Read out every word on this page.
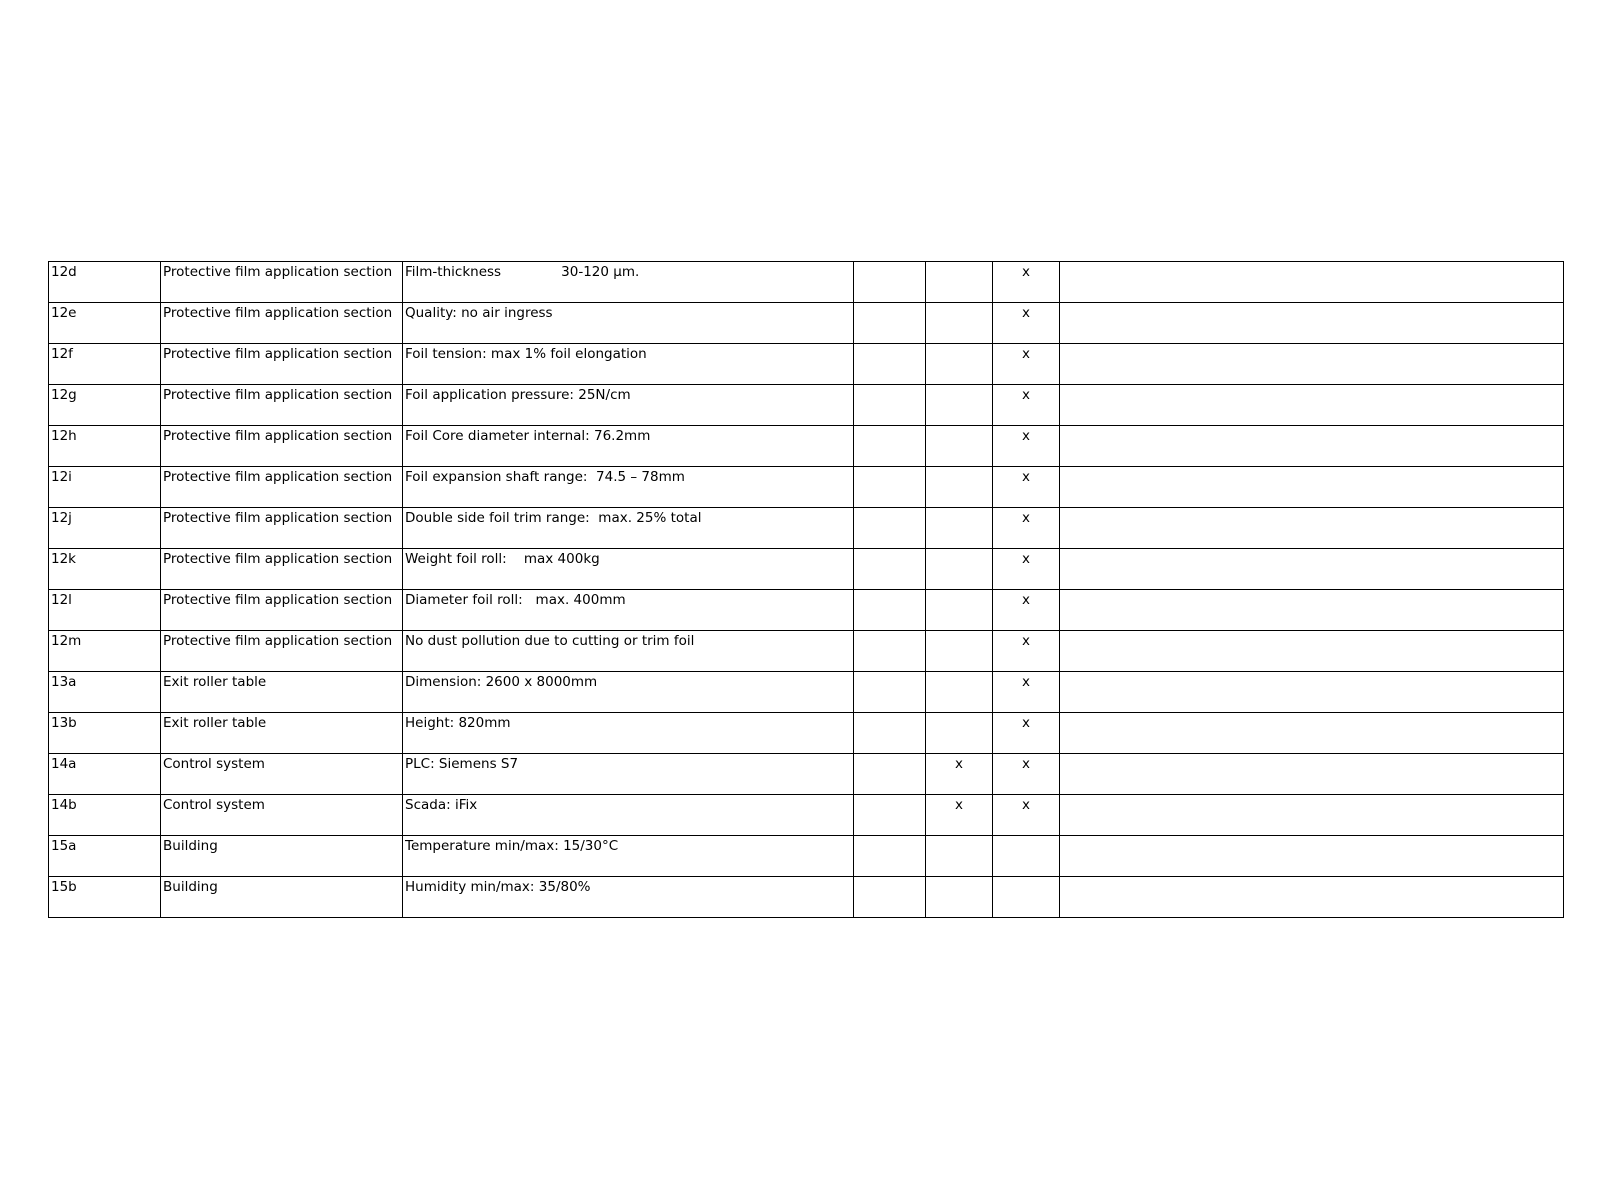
12d	Protective film application section	Film-thickness              30-120 µm.			x	
12e	Protective film application section	Quality: no air ingress			x	
12f	Protective film application section	Foil tension: max 1% foil elongation			x	
12g	Protective film application section	Foil application pressure: 25N/cm			x	
12h	Protective film application section	Foil Core diameter internal: 76.2mm			x	
12i	Protective film application section	Foil expansion shaft range:  74.5 – 78mm			x	
12j	Protective film application section	Double side foil trim range:  max. 25% total			x	
12k	Protective film application section	Weight foil roll:    max 400kg			x	
12l	Protective film application section	Diameter foil roll:   max. 400mm			x	
12m	Protective film application section	No dust pollution due to cutting or trim foil			x	
13a	Exit roller table	Dimension: 2600 x 8000mm			x	
13b	Exit roller table	Height: 820mm			x	
14a	Control system	PLC: Siemens S7		x	x	
14b	Control system	Scada: iFix		x	x	
15a	Building	Temperature min/max: 15/30°C				
15b	Building	Humidity min/max: 35/80%				
